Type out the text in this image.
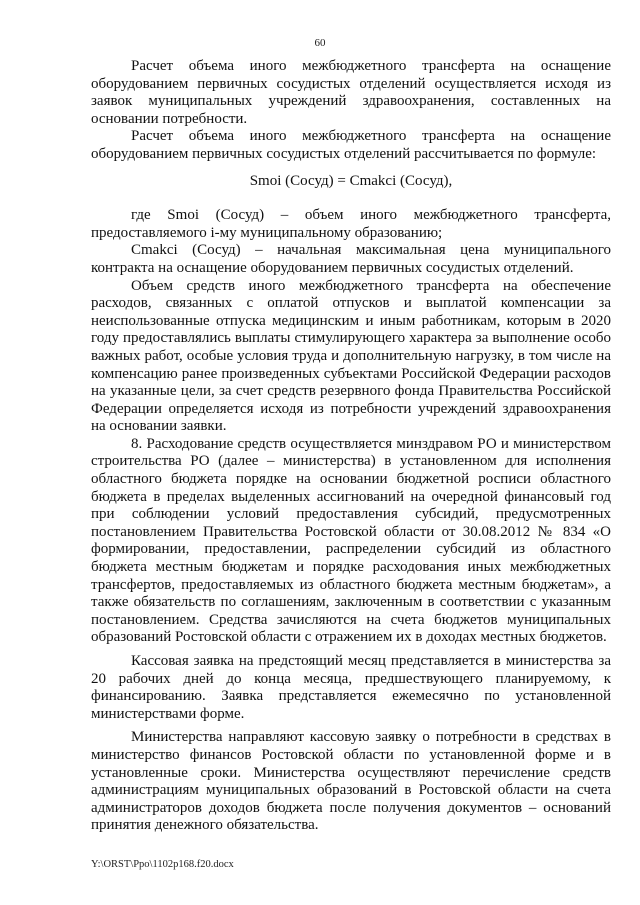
60

Расчет объема иного межбюджетного трансферта на оснащение оборудованием первичных сосудистых отделений осуществляется исходя из заявок муниципальных учреждений здравоохранения, составленных на основании потребности.

Расчет объема иного межбюджетного трансферта на оснащение оборудованием первичных сосудистых отделений рассчитывается по формуле:

Smoi (Сосуд) = Cmakci (Сосуд),

где Smoi (Сосуд) – объем иного межбюджетного трансферта, предоставляемого i-му муниципальному образованию;

Cmakci (Сосуд) – начальная максимальная цена муниципального контракта на оснащение оборудованием первичных сосудистых отделений.

Объем средств иного межбюджетного трансферта на обеспечение расходов, связанных с оплатой отпусков и выплатой компенсации за неиспользованные отпуска медицинским и иным работникам, которым в 2020 году предоставлялись выплаты стимулирующего характера за выполнение особо важных работ, особые условия труда и дополнительную нагрузку, в том числе на компенсацию ранее произведенных субъектами Российской Федерации расходов на указанные цели, за счет средств резервного фонда Правительства Российской Федерации определяется исходя из потребности учреждений здравоохранения на основании заявки.

8. Расходование средств осуществляется минздравом РО и министерством строительства РО (далее – министерства) в установленном для исполнения областного бюджета порядке на основании бюджетной росписи областного бюджета в пределах выделенных ассигнований на очередной финансовый год при соблюдении условий предоставления субсидий, предусмотренных постановлением Правительства Ростовской области от 30.08.2012 № 834 «О формировании, предоставлении, распределении субсидий из областного бюджета местным бюджетам и порядке расходования иных межбюджетных трансфертов, предоставляемых из областного бюджета местным бюджетам», а также обязательств по соглашениям, заключенным в соответствии с указанным постановлением. Средства зачисляются на счета бюджетов муниципальных образований Ростовской области с отражением их в доходах местных бюджетов.

Кассовая заявка на предстоящий месяц представляется в министерства за 20 рабочих дней до конца месяца, предшествующего планируемому, к финансированию. Заявка представляется ежемесячно по установленной министерствами форме.

Министерства направляют кассовую заявку о потребности в средствах в министерство финансов Ростовской области по установленной форме и в установленные сроки. Министерства осуществляют перечисление средств администрациям муниципальных образований в Ростовской области на счета администраторов доходов бюджета после получения документов – оснований принятия денежного обязательства.

Y:\ORST\Ppo\1102p168.f20.docx
